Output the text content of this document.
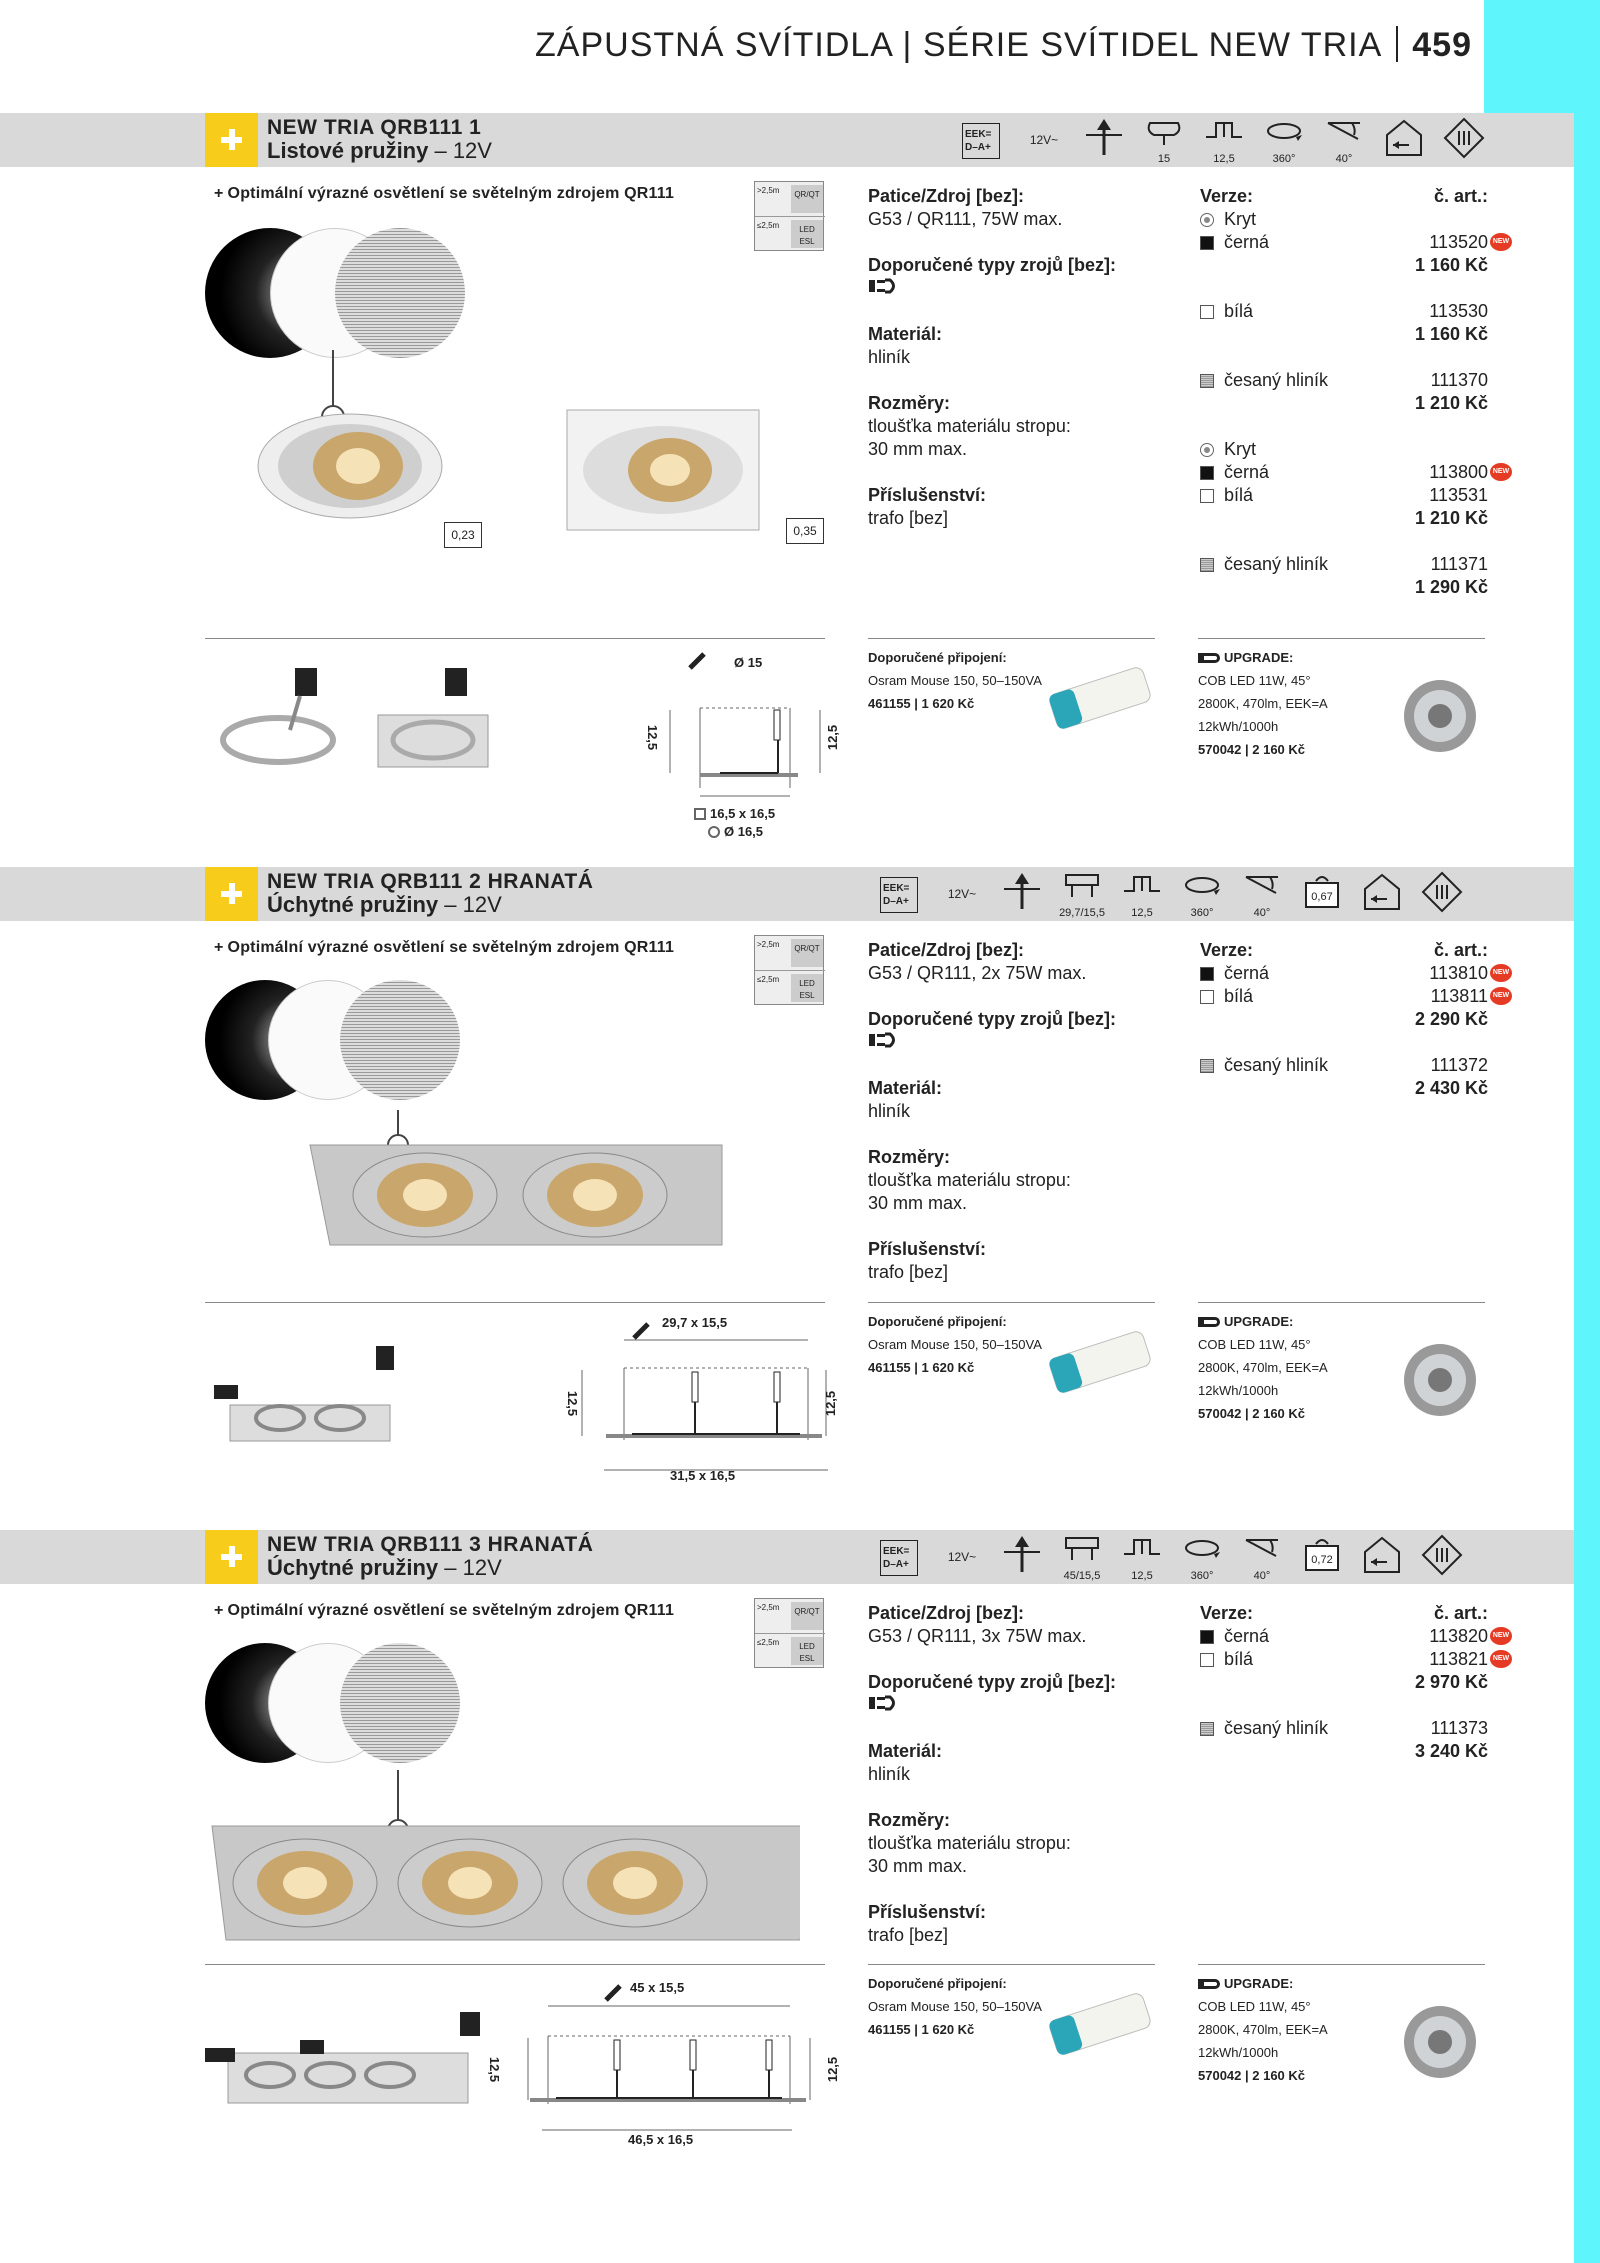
ZÁPUSTNÁ SVÍTIDLA | SÉRIE SVÍTIDEL NEW TRIA 459
NEW TRIA QRB111 1
Listové pružiny – 12V
EEK= D–A+
12V~
15	12,5	360°	40°
+ Optimální výrazné osvětlení se světelným zdrojem QR111	>2,5m	QR/QT
≤2,5m	LED ESL
Patice/Zdroj [bez]:
G53 / QR111, 75W max.
Doporučené typy zrojů [bez]:
Materiál:
hliník
Rozměry:
tloušťka materiálu stropu:
30 mm max.
Příslušenství:
trafo [bez]
Verze:	č. art.:
Kryt
černá	113520 NEW
1 160 Kč
bílá	113530
1 160 Kč
česaný hliník	111370
1 210 Kč
Kryt
černá	113800 NEW
bílá	113531
1 210 Kč
česaný hliník	111371
1 290 Kč
NEW TRIA QRB111 2 HRANATÁ
Úchytné pružiny – 12V
EEK= D–A+
12V~
29,7/15,5	12,5	360°	40°
0,67
+ Optimální výrazné osvětlení se světelným zdrojem QR111	>2,5m	QR/QT
≤2,5m	LED ESL
Patice/Zdroj [bez]:
G53 / QR111, 2x 75W max.
Doporučené typy zrojů [bez]:
Materiál:
hliník
Rozměry:
tloušťka materiálu stropu:
30 mm max.
Příslušenství:
trafo [bez]
Verze:	č. art.:
černá	113810 NEW
bílá	113811 NEW
2 290 Kč
česaný hliník	111372
2 430 Kč
NEW TRIA QRB111 3 HRANATÁ
Úchytné pružiny – 12V
EEK= D–A+
12V~
45/15,5	12,5	360°	40°
0,72
+ Optimální výrazné osvětlení se světelným zdrojem QR111	>2,5m	QR/QT
≤2,5m	LED ESL
Patice/Zdroj [bez]:
G53 / QR111, 3x 75W max.
Doporučené typy zrojů [bez]:
Materiál:
hliník
Rozměry:
tloušťka materiálu stropu:
30 mm max.
Příslušenství:
trafo [bez]
Verze:	č. art.:
černá	113820 NEW
bílá	113821 NEW
2 970 Kč
česaný hliník	111373
3 240 Kč
0,23	0,35
Doporučené připojení:
Osram Mouse 150, 50–150VA
461155 | 1 620 Kč
UPGRADE:
COB LED 11W, 45°
2800K, 470lm, EEK=A
12kWh/1000h
570042 | 2 160 Kč
Doporučené připojení:
Osram Mouse 150, 50–150VA
461155 | 1 620 Kč
UPGRADE:
COB LED 11W, 45°
2800K, 470lm, EEK=A
12kWh/1000h
570042 | 2 160 Kč
Doporučené připojení:
Osram Mouse 150, 50–150VA
461155 | 1 620 Kč
UPGRADE:
COB LED 11W, 45°
2800K, 470lm, EEK=A
12kWh/1000h
570042 | 2 160 Kč
Ø 15
12,5	12,5
16,5 x 16,5
Ø 16,5
29,7 x 15,5
12,5	12,5
31,5 x 16,5
45 x 15,5
12,5	12,5
46,5 x 16,5
